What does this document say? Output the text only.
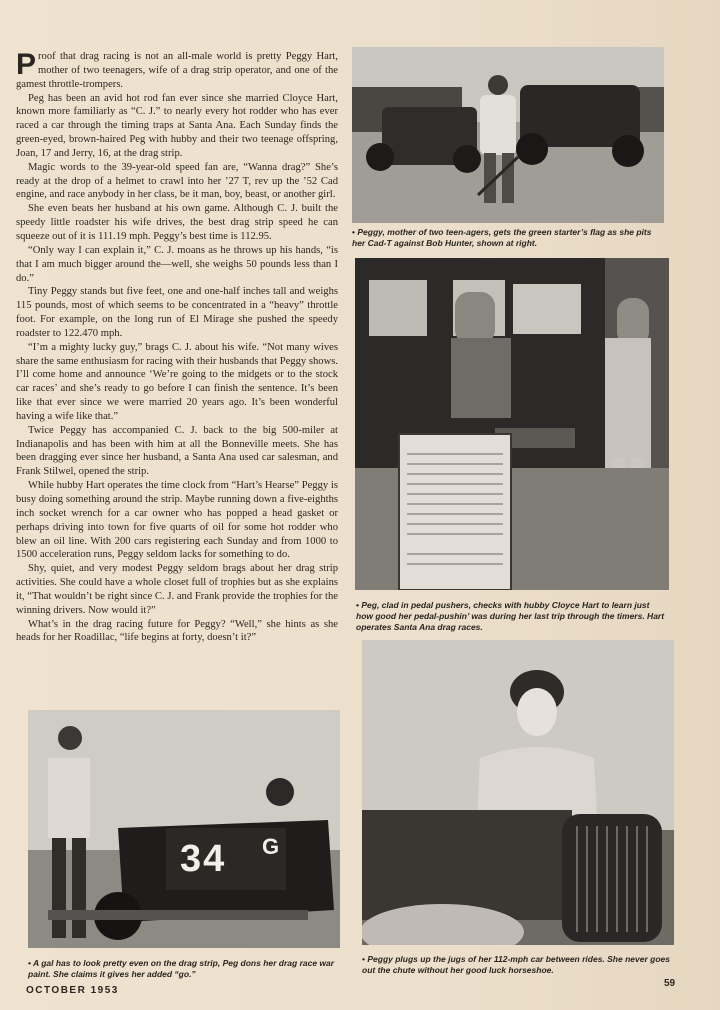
Proof that drag racing is not an all-male world is pretty Peggy Hart, mother of two teenagers, wife of a drag strip operator, and one of the gamest throttle-trompers.

Peg has been an avid hot rod fan ever since she married Cloyce Hart, known more familiarly as “C. J.” to nearly every hot rodder who has ever raced a car through the timing traps at Santa Ana. Each Sunday finds the green-eyed, brown-haired Peg with hubby and their two teenage offspring, Joan, 17 and Jerry, 16, at the drag strip.

Magic words to the 39-year-old speed fan are, “Wanna drag?” She’s ready at the drop of a helmet to crawl into her ’27 T, rev up the ’52 Cad engine, and race anybody in her class, be it man, boy, beast, or another girl.

She even beats her husband at his own game. Although C. J. built the speedy little roadster his wife drives, the best drag strip speed he can squeeze out of it is 111.19 mph. Peggy’s best time is 112.95.

“Only way I can explain it,” C. J. moans as he throws up his hands, “is that I am much bigger around the—well, she weighs 50 pounds less than I do.”

Tiny Peggy stands but five feet, one and one-half inches tall and weighs 115 pounds, most of which seems to be concentrated in a “heavy” throttle foot. For example, on the long run of El Mirage she pushed the speedy roadster to 122.470 mph.

“I’m a mighty lucky guy,” brags C. J. about his wife. “Not many wives share the same enthusiasm for racing with their husbands that Peggy shows. I’ll come home and announce ‘We’re going to the midgets or to the stock car races’ and she’s ready to go before I can finish the sentence. It’s been like that ever since we were married 20 years ago. It’s been wonderful having a wife like that.”

Twice Peggy has accompanied C. J. back to the big 500-miler at Indianapolis and has been with him at all the Bonneville meets. She has been dragging ever since her husband, a Santa Ana used car salesman, and Frank Stilwel, opened the strip.

While hubby Hart operates the time clock from “Hart’s Hearse” Peggy is busy doing something around the strip. Maybe running down a five-eighths inch socket wrench for a car owner who has popped a head gasket or perhaps driving into town for five quarts of oil for some hot rodder who blew an oil line. With 200 cars registering each Sunday and from 1000 to 1500 acceleration runs, Peggy seldom lacks for something to do.

Shy, quiet, and very modest Peggy seldom brags about her drag strip activities. She could have a whole closet full of trophies but as she explains it, “That wouldn’t be right since C. J. and Frank provide the trophies for the winning drivers. Now would it?”

What’s in the drag racing future for Peggy? “Well,” she hints as she heads for her Roadillac, “life begins at forty, doesn’t it?”

• Peggy, mother of two teen-agers, gets the green starter’s flag as she pits her Cad-T against Bob Hunter, shown at right.
• Peg, clad in pedal pushers, checks with hubby Cloyce Hart to learn just how good her pedal-pushin’ was during her last trip through the timers. Hart operates Santa Ana drag races.
34 G
• A gal has to look pretty even on the drag strip, Peg dons her drag race war paint. She claims it gives her added “go.”
• Peggy plugs up the jugs of her 112-mph car between rides. She never goes out the chute without her good luck horseshoe.
OCTOBER 1953
59
